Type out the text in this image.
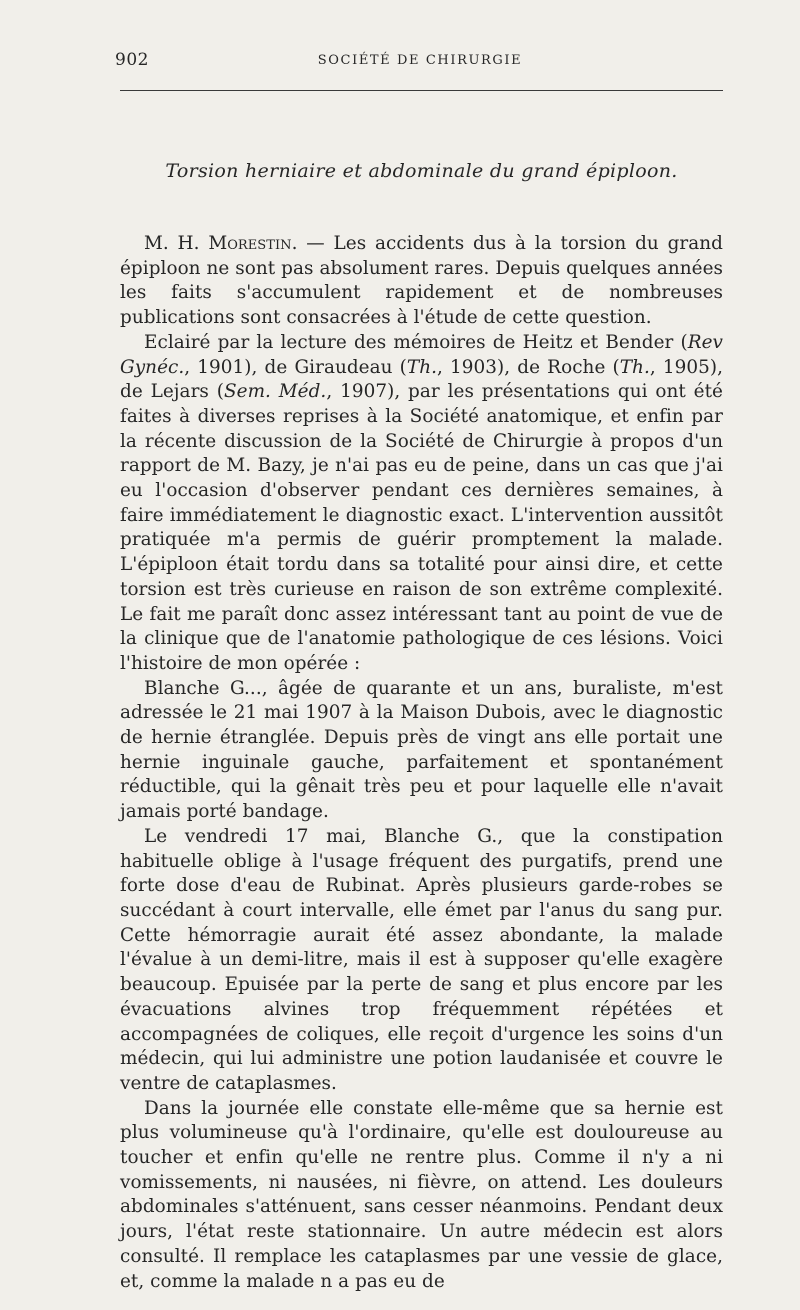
902	SOCIÉTÉ DE CHIRURGIE
Torsion herniaire et abdominale du grand épiploon.

M. H. Morestin. — Les accidents dus à la torsion du grand épiploon ne sont pas absolument rares. Depuis quelques années les faits s'accumulent rapidement et de nombreuses publications sont consacrées à l'étude de cette question.

Eclairé par la lecture des mémoires de Heitz et Bender (Rev Gynéc., 1901), de Giraudeau (Th., 1903), de Roche (Th., 1905), de Lejars (Sem. Méd., 1907), par les présentations qui ont été faites à diverses reprises à la Société anatomique, et enfin par la récente discussion de la Société de Chirurgie à propos d'un rapport de M. Bazy, je n'ai pas eu de peine, dans un cas que j'ai eu l'occasion d'observer pendant ces dernières semaines, à faire immédiatement le diagnostic exact. L'intervention aussitôt pratiquée m'a permis de guérir promptement la malade. L'épiploon était tordu dans sa totalité pour ainsi dire, et cette torsion est très curieuse en raison de son extrême complexité. Le fait me paraît donc assez intéressant tant au point de vue de la clinique que de l'anatomie pathologique de ces lésions. Voici l'histoire de mon opérée :

Blanche G..., âgée de quarante et un ans, buraliste, m'est adressée le 21 mai 1907 à la Maison Dubois, avec le diagnostic de hernie étranglée. Depuis près de vingt ans elle portait une hernie inguinale gauche, parfaitement et spontanément réductible, qui la gênait très peu et pour laquelle elle n'avait jamais porté bandage.

Le vendredi 17 mai, Blanche G., que la constipation habituelle oblige à l'usage fréquent des purgatifs, prend une forte dose d'eau de Rubinat. Après plusieurs garde-robes se succédant à court intervalle, elle émet par l'anus du sang pur. Cette hémorragie aurait été assez abondante, la malade l'évalue à un demi-litre, mais il est à supposer qu'elle exagère beaucoup. Epuisée par la perte de sang et plus encore par les évacuations alvines trop fréquemment répétées et accompagnées de coliques, elle reçoit d'urgence les soins d'un médecin, qui lui administre une potion laudanisée et couvre le ventre de cataplasmes.

Dans la journée elle constate elle-même que sa hernie est plus volumineuse qu'à l'ordinaire, qu'elle est douloureuse au toucher et enfin qu'elle ne rentre plus. Comme il n'y a ni vomissements, ni nausées, ni fièvre, on attend. Les douleurs abdominales s'atténuent, sans cesser néanmoins. Pendant deux jours, l'état reste stationnaire. Un autre médecin est alors consulté. Il remplace les cataplasmes par une vessie de glace, et, comme la malade n a pas eu de
